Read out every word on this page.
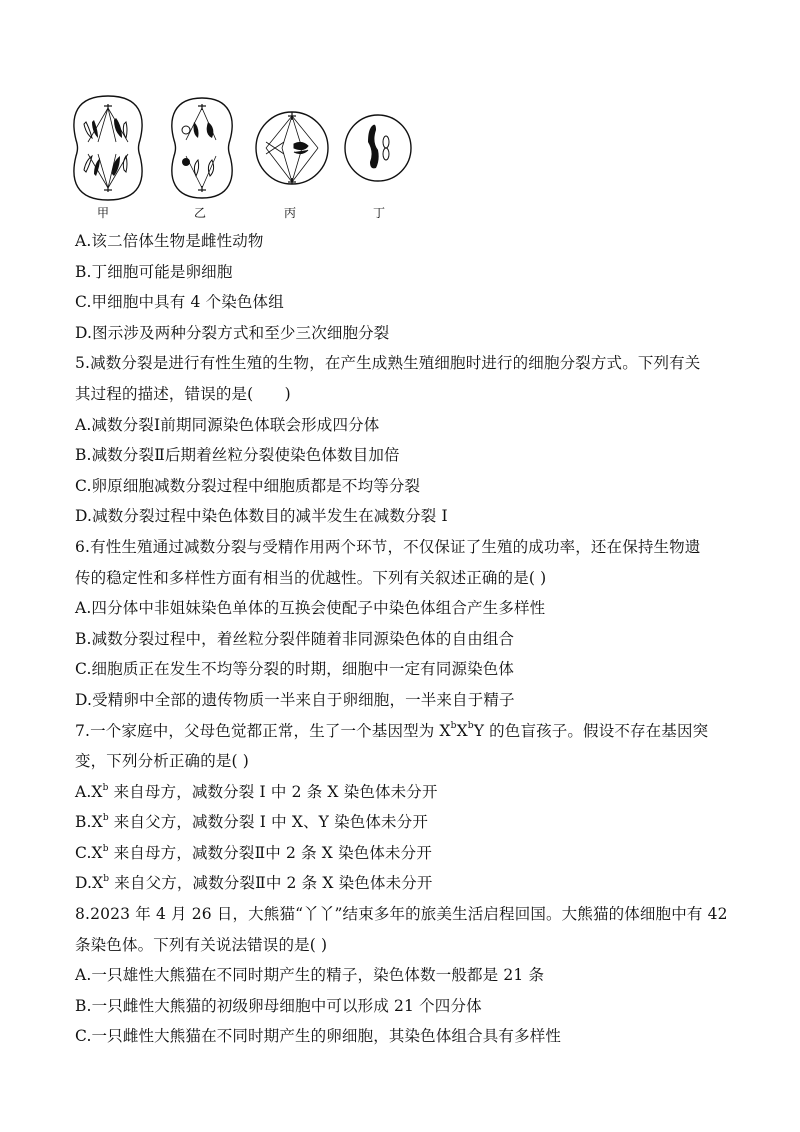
甲	乙	丙	丁
A.该二倍体生物是雌性动物
B.丁细胞可能是卵细胞
C.甲细胞中具有 4 个染色体组
D.图示涉及两种分裂方式和至少三次细胞分裂
5.减数分裂是进行有性生殖的生物，在产生成熟生殖细胞时进行的细胞分裂方式。下列有关
其过程的描述，错误的是(　　)
A.减数分裂Ⅰ前期同源染色体联会形成四分体
B.减数分裂Ⅱ后期着丝粒分裂使染色体数目加倍
C.卵原细胞减数分裂过程中细胞质都是不均等分裂
D.减数分裂过程中染色体数目的减半发生在减数分裂 I
6.有性生殖通过减数分裂与受精作用两个环节，不仅保证了生殖的成功率，还在保持生物遗
传的稳定性和多样性方面有相当的优越性。下列有关叙述正确的是( )
A.四分体中非姐妹染色单体的互换会使配子中染色体组合产生多样性
B.减数分裂过程中，着丝粒分裂伴随着非同源染色体的自由组合
C.细胞质正在发生不均等分裂的时期，细胞中一定有同源染色体
D.受精卵中全部的遗传物质一半来自于卵细胞，一半来自于精子
7.一个家庭中，父母色觉都正常，生了一个基因型为 $X^bX^bY$ 的色盲孩子。假设不存在基因突
变，下列分析正确的是( )
$A.X^b$ 来自母方，减数分裂 I 中 2 条 X 染色体未分开
$B.X^b$ 来自父方，减数分裂 I 中 X、Y 染色体未分开
$C.X^b$ 来自母方，减数分裂Ⅱ中 2 条 X 染色体未分开
$D.X^b$ 来自父方，减数分裂Ⅱ中 2 条 X 染色体未分开
8.2023 年 4 月 26 日，大熊猫“丫丫”结束多年的旅美生活启程回国。大熊猫的体细胞中有 42
条染色体。下列有关说法错误的是( )
A.一只雄性大熊猫在不同时期产生的精子，染色体数一般都是 21 条
B.一只雌性大熊猫的初级卵母细胞中可以形成 21 个四分体
C.一只雌性大熊猫在不同时期产生的卵细胞，其染色体组合具有多样性
